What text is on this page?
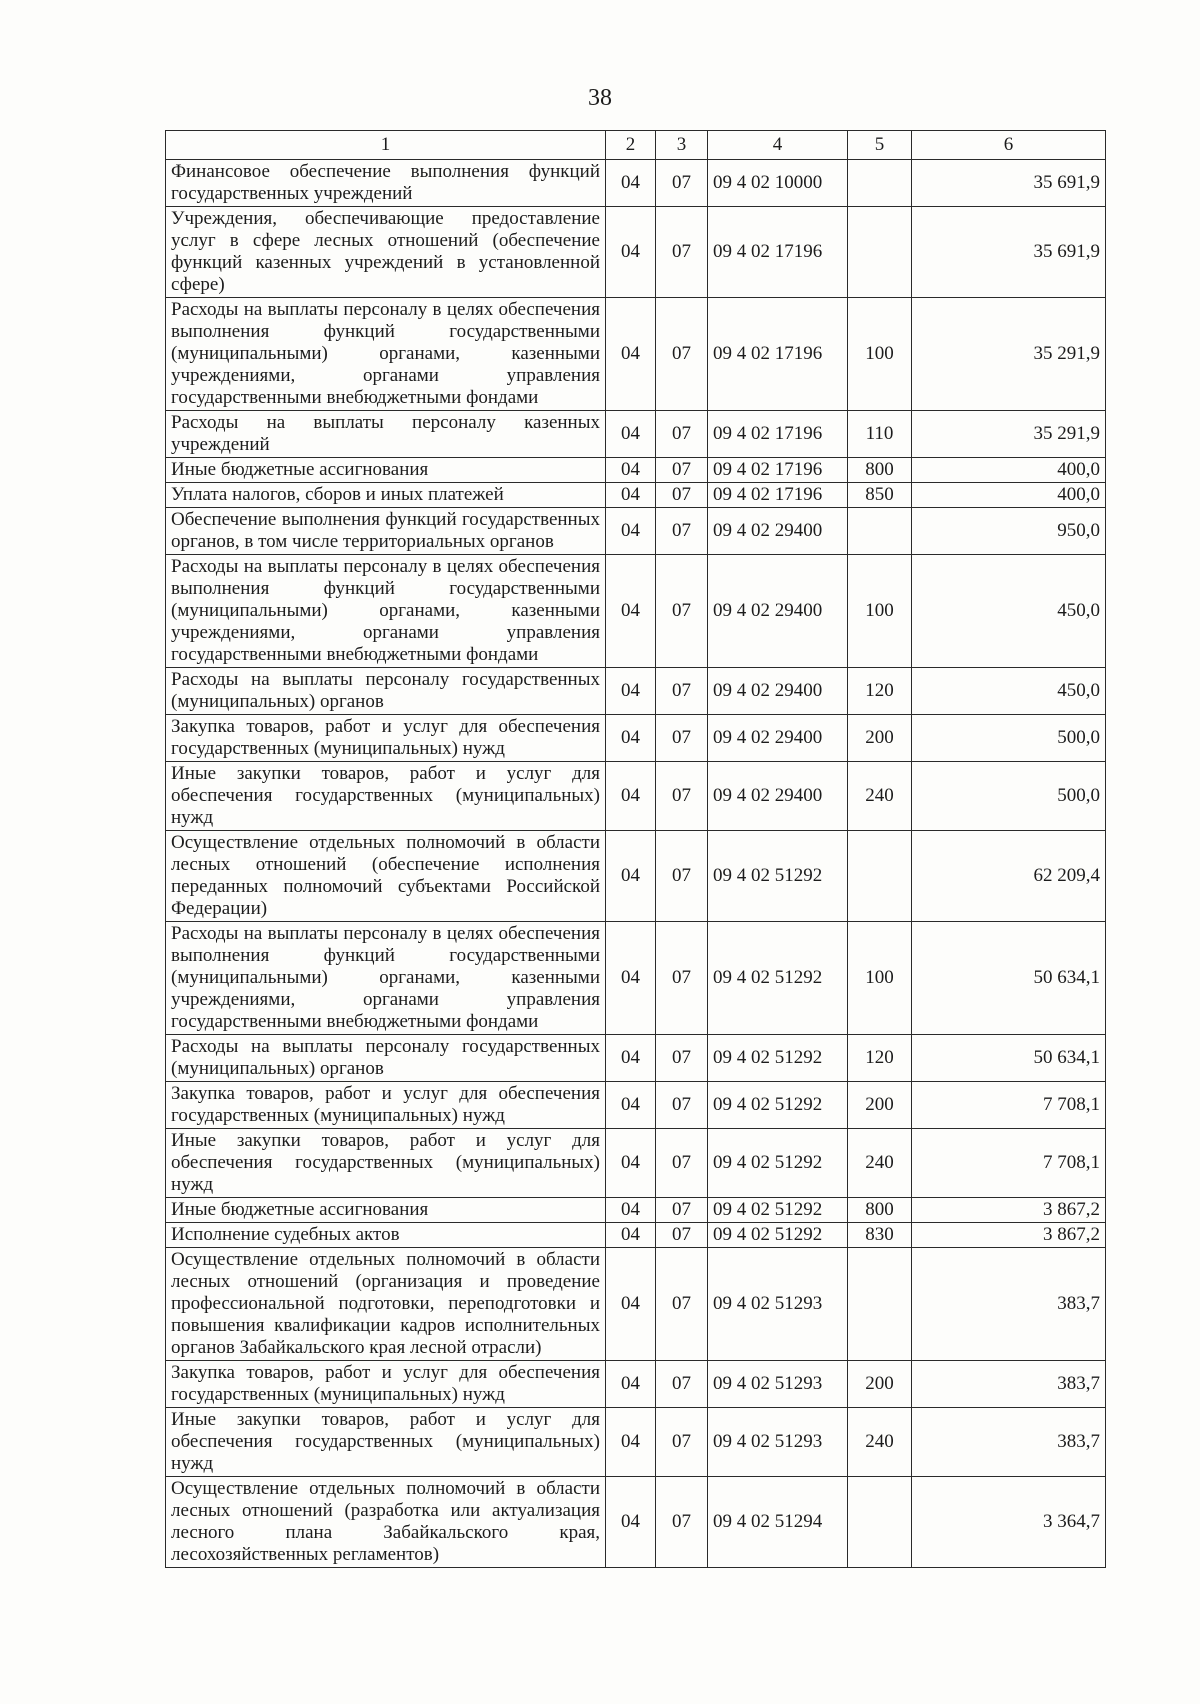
38
1	2	3	4	5	6
Финансовое обеспечение выполнения функций государственных учреждений	04	07	09 4 02 10000		35 691,9
Учреждения, обеспечивающие предоставление услуг в сфере лесных отношений (обеспечение функций казенных учреждений в установленной сфере)	04	07	09 4 02 17196		35 691,9
Расходы на выплаты персоналу в целях обеспечения выполнения функций государственными (муниципальными) органами, казенными учреждениями, органами управления государственными внебюджетными фондами	04	07	09 4 02 17196	100	35 291,9
Расходы на выплаты персоналу казенных учреждений	04	07	09 4 02 17196	110	35 291,9
Иные бюджетные ассигнования	04	07	09 4 02 17196	800	400,0
Уплата налогов, сборов и иных платежей	04	07	09 4 02 17196	850	400,0
Обеспечение выполнения функций государственных органов, в том числе территориальных органов	04	07	09 4 02 29400		950,0
Расходы на выплаты персоналу в целях обеспечения выполнения функций государственными (муниципальными) органами, казенными учреждениями, органами управления государственными внебюджетными фондами	04	07	09 4 02 29400	100	450,0
Расходы на выплаты персоналу государственных (муниципальных) органов	04	07	09 4 02 29400	120	450,0
Закупка товаров, работ и услуг для обеспечения государственных (муниципальных) нужд	04	07	09 4 02 29400	200	500,0
Иные закупки товаров, работ и услуг для обеспечения государственных (муниципальных) нужд	04	07	09 4 02 29400	240	500,0
Осуществление отдельных полномочий в области лесных отношений (обеспечение исполнения переданных полномочий субъектами Российской Федерации)	04	07	09 4 02 51292		62 209,4
Расходы на выплаты персоналу в целях обеспечения выполнения функций государственными (муниципальными) органами, казенными учреждениями, органами управления государственными внебюджетными фондами	04	07	09 4 02 51292	100	50 634,1
Расходы на выплаты персоналу государственных (муниципальных) органов	04	07	09 4 02 51292	120	50 634,1
Закупка товаров, работ и услуг для обеспечения государственных (муниципальных) нужд	04	07	09 4 02 51292	200	7 708,1
Иные закупки товаров, работ и услуг для обеспечения государственных (муниципальных) нужд	04	07	09 4 02 51292	240	7 708,1
Иные бюджетные ассигнования	04	07	09 4 02 51292	800	3 867,2
Исполнение судебных актов	04	07	09 4 02 51292	830	3 867,2
Осуществление отдельных полномочий в области лесных отношений (организация и проведение профессиональной подготовки, переподготовки и повышения квалификации кадров исполнительных органов Забайкальского края лесной отрасли)	04	07	09 4 02 51293		383,7
Закупка товаров, работ и услуг для обеспечения государственных (муниципальных) нужд	04	07	09 4 02 51293	200	383,7
Иные закупки товаров, работ и услуг для обеспечения государственных (муниципальных) нужд	04	07	09 4 02 51293	240	383,7
Осуществление отдельных полномочий в области лесных отношений (разработка или актуализация лесного плана Забайкальского края, лесохозяйственных регламентов)	04	07	09 4 02 51294		3 364,7
